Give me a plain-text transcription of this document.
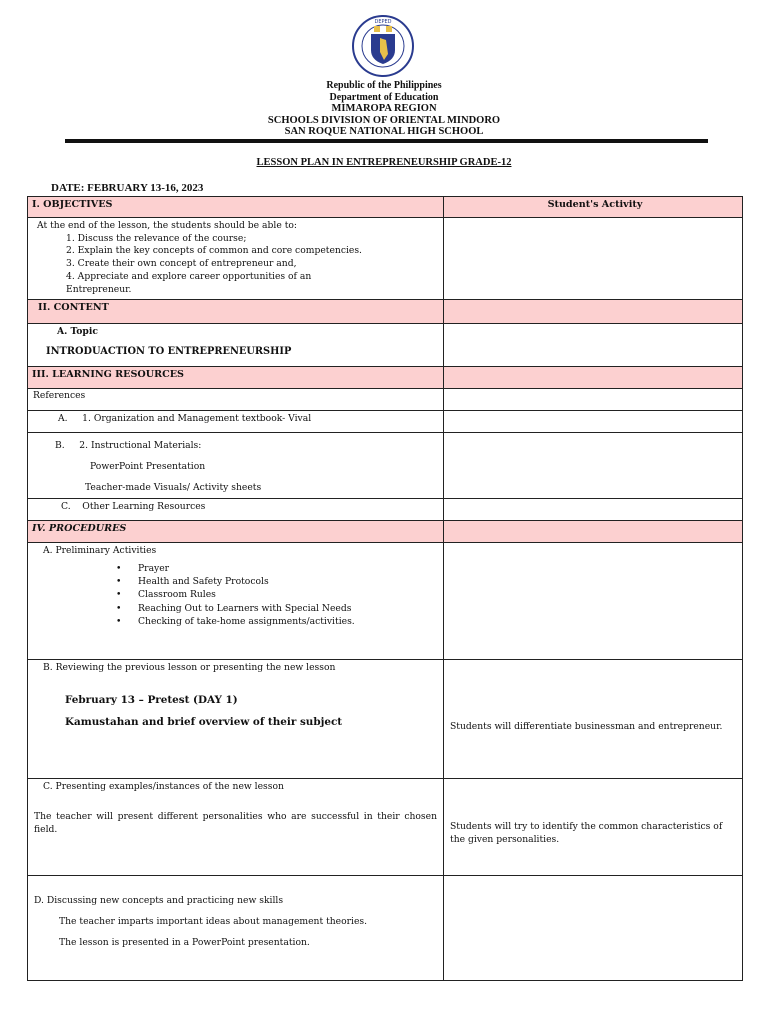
DEPED
Republic of the Philippines
Department of Education
MIMAROPA REGION
SCHOOLS DIVISION OF ORIENTAL MINDORO
SAN ROQUE NATIONAL HIGH SCHOOL
LESSON PLAN IN ENTREPRENEURSHIP GRADE-12
DATE: FEBRUARY 13-16, 2023
I. OBJECTIVES	Student's Activity

At the end of the lesson, the students should be able to:
1. Discuss the relevance of the course;
2. Explain the key concepts of common and core competencies.
3. Create their own concept of entrepreneur and,
4. Appreciate and explore career opportunities of an
Entrepreneur.

II. CONTENT	

A. Topic
INTRODUACTION TO ENTREPRENEURSHIP	

III. LEARNING RESOURCES	
References	
A.     1. Organization and Management textbook- Vival	

B.     2. Instructional Materials:
PowerPoint Presentation
Teacher-made Visuals/ Activity sheets	

C.    Other Learning Resources	
IV. PROCEDURES	

A. Preliminary Activities
• Prayer
• Health and Safety Protocols
• Classroom Rules
• Reaching Out to Learners with Special Needs
• Checking of take-home assignments/activities.

B. Reviewing the previous lesson or presenting the new lesson
February 13 – Pretest (DAY 1)
Kamustahan and brief overview of their subject	Students will differentiate businessman and entrepreneur.

C. Presenting examples/instances of the new lesson
The teacher will present different personalities who are successful in their chosen field.	Students will try to identify the common characteristics of the given personalities.

D. Discussing new concepts and practicing new skills
The teacher imparts important ideas about management theories.
The lesson is presented in a PowerPoint presentation.	
